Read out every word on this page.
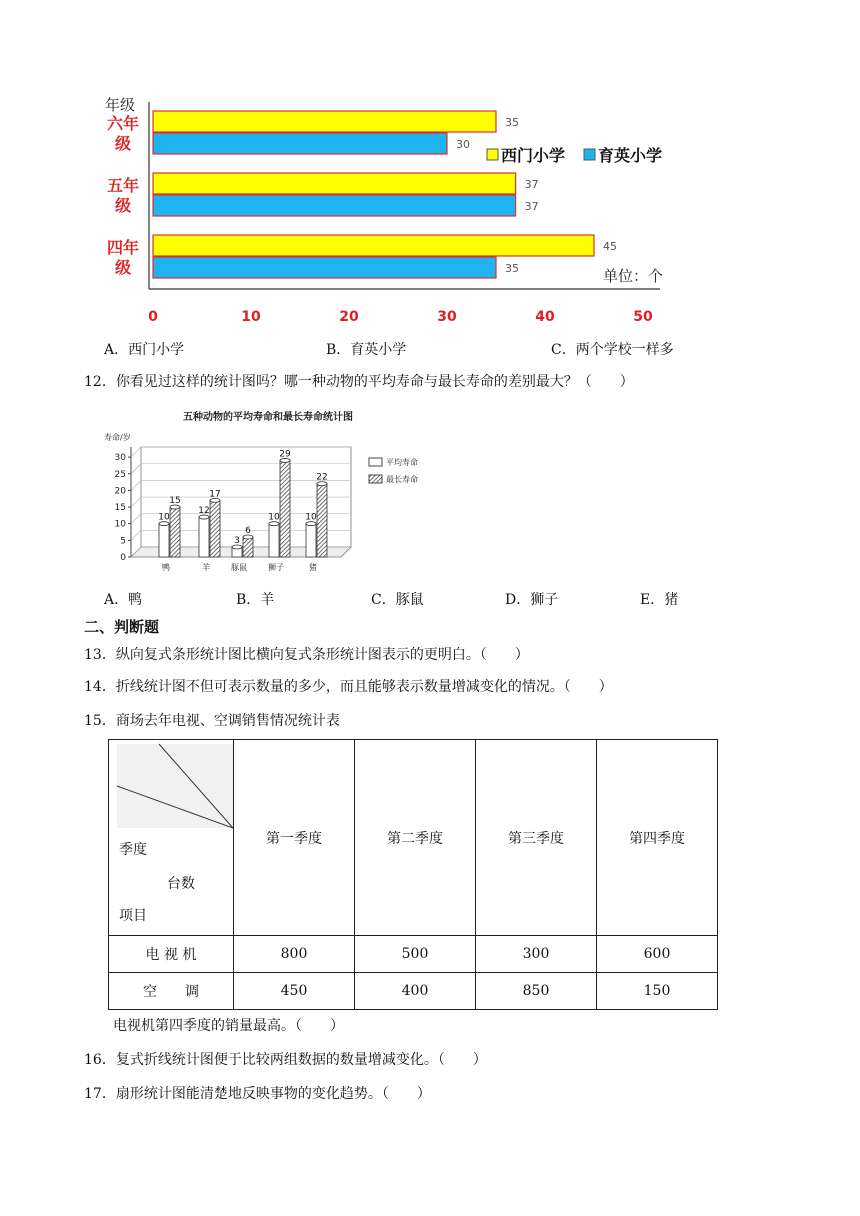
年级
六年
级
五年
级
四年
级
35
30
37
37
45
35
0	10	20	30	40	50
西门小学 育英小学
单位：个
A．西门小学	B．育英小学	C．两个学校一样多
12．你看见过这样的统计图吗？哪一种动物的平均寿命与最长寿命的差别最大？（　　）
五种动物的平均寿命和最长寿命统计图
寿命/岁
0
5
10
15
20
25
30
10
15
鸭
12
17
羊
3
6
豚鼠
10
29
狮子
10
22
猪
平均寿命
最长寿命
A．鸭	B．羊	C．豚鼠	D．狮子	E．猪
二、判断题
13．纵向复式条形统计图比横向复式条形统计图表示的更明白。（　　）
14．折线统计图不但可表示数量的多少，而且能够表示数量增减变化的情况。（　　）
15．商场去年电视、空调销售情况统计表
季度
台数
项目	第一季度	第二季度	第三季度	第四季度
电 视 机	800	500	300	600
空　　调	450	400	850	150
电视机第四季度的销量最高。（　　）
16．复式折线统计图便于比较两组数据的数量增减变化。（　　）
17．扇形统计图能清楚地反映事物的变化趋势。（　　）
